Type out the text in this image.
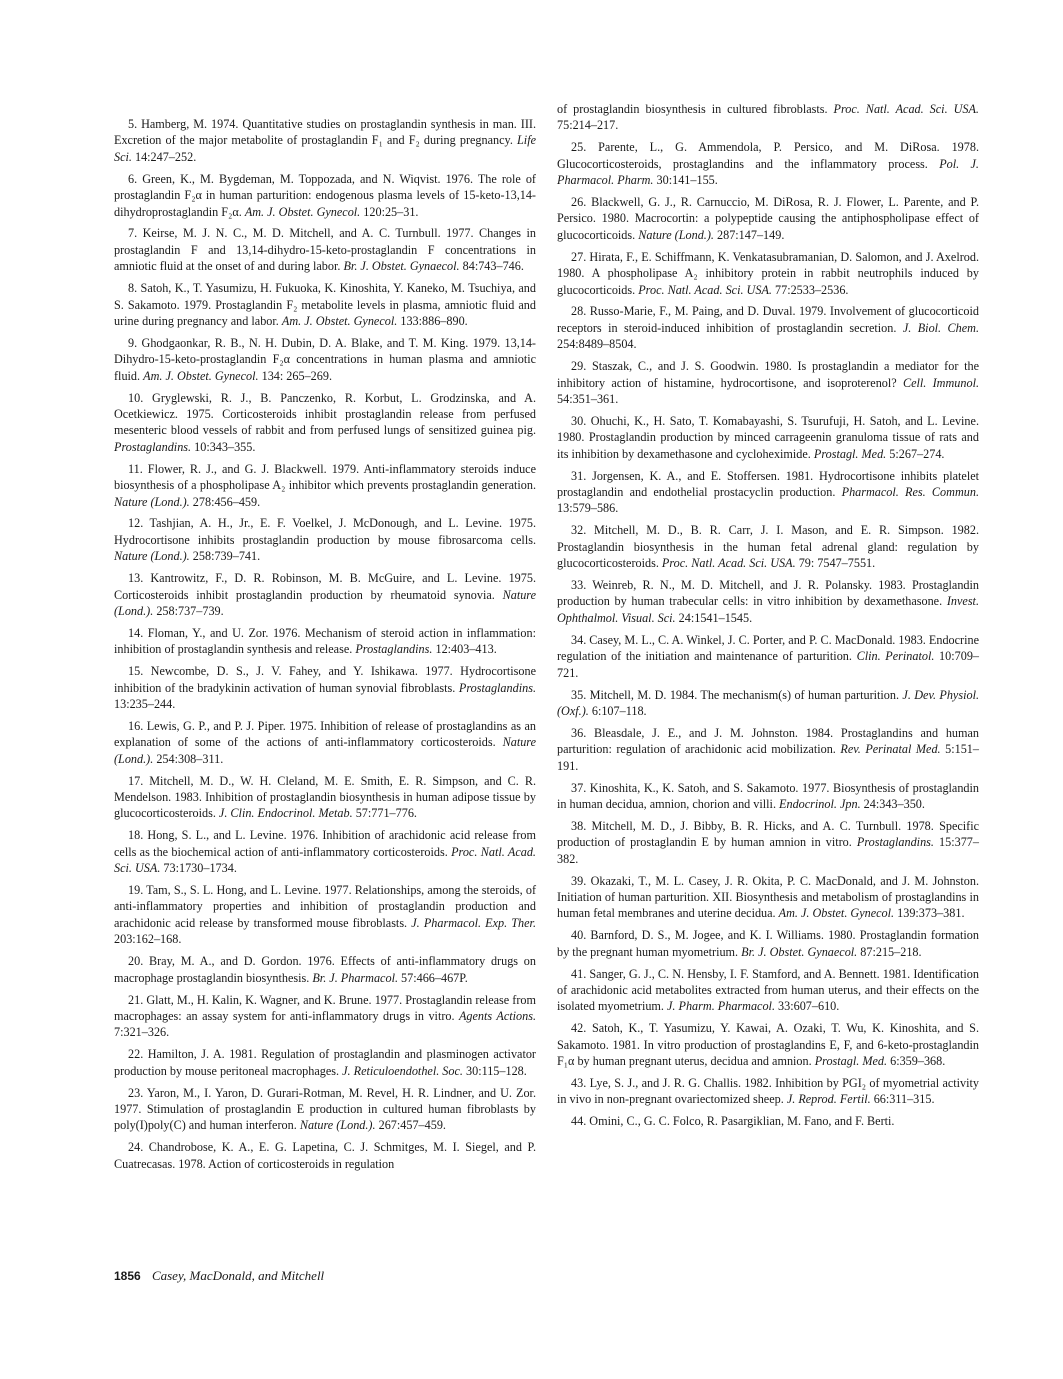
5. Hamberg, M. 1974. Quantitative studies on prostaglandin synthesis in man. III. Excretion of the major metabolite of prostaglandin F₁ and F₂ during pregnancy. Life Sci. 14:247–252.

6. Green, K., M. Bygdeman, M. Toppozada, and N. Wiqvist. 1976. The role of prostaglandin F₂α in human parturition: endogenous plasma levels of 15-keto-13,14-dihydroprostaglandin F₂α. Am. J. Obstet. Gynecol. 120:25–31.

7. Keirse, M. J. N. C., M. D. Mitchell, and A. C. Turnbull. 1977. Changes in prostaglandin F and 13,14-dihydro-15-keto-prostaglandin F concentrations in amniotic fluid at the onset of and during labor. Br. J. Obstet. Gynaecol. 84:743–746.

8. Satoh, K., T. Yasumizu, H. Fukuoka, K. Kinoshita, Y. Kaneko, M. Tsuchiya, and S. Sakamoto. 1979. Prostaglandin F₂ metabolite levels in plasma, amniotic fluid and urine during pregnancy and labor. Am. J. Obstet. Gynecol. 133:886–890.

9. Ghodgaonkar, R. B., N. H. Dubin, D. A. Blake, and T. M. King. 1979. 13,14-Dihydro-15-keto-prostaglandin F₂α concentrations in human plasma and amniotic fluid. Am. J. Obstet. Gynecol. 134: 265–269.

10. Gryglewski, R. J., B. Panczenko, R. Korbut, L. Grodzinska, and A. Ocetkiewicz. 1975. Corticosteroids inhibit prostaglandin release from perfused mesenteric blood vessels of rabbit and from perfused lungs of sensitized guinea pig. Prostaglandins. 10:343–355.

11. Flower, R. J., and G. J. Blackwell. 1979. Anti-inflammatory steroids induce biosynthesis of a phospholipase A₂ inhibitor which prevents prostaglandin generation. Nature (Lond.). 278:456–459.

12. Tashjian, A. H., Jr., E. F. Voelkel, J. McDonough, and L. Levine. 1975. Hydrocortisone inhibits prostaglandin production by mouse fibrosarcoma cells. Nature (Lond.). 258:739–741.

13. Kantrowitz, F., D. R. Robinson, M. B. McGuire, and L. Levine. 1975. Corticosteroids inhibit prostaglandin production by rheumatoid synovia. Nature (Lond.). 258:737–739.

14. Floman, Y., and U. Zor. 1976. Mechanism of steroid action in inflammation: inhibition of prostaglandin synthesis and release. Prostaglandins. 12:403–413.

15. Newcombe, D. S., J. V. Fahey, and Y. Ishikawa. 1977. Hydrocortisone inhibition of the bradykinin activation of human synovial fibroblasts. Prostaglandins. 13:235–244.

16. Lewis, G. P., and P. J. Piper. 1975. Inhibition of release of prostaglandins as an explanation of some of the actions of anti-inflammatory corticosteroids. Nature (Lond.). 254:308–311.

17. Mitchell, M. D., W. H. Cleland, M. E. Smith, E. R. Simpson, and C. R. Mendelson. 1983. Inhibition of prostaglandin biosynthesis in human adipose tissue by glucocorticosteroids. J. Clin. Endocrinol. Metab. 57:771–776.

18. Hong, S. L., and L. Levine. 1976. Inhibition of arachidonic acid release from cells as the biochemical action of anti-inflammatory corticosteroids. Proc. Natl. Acad. Sci. USA. 73:1730–1734.

19. Tam, S., S. L. Hong, and L. Levine. 1977. Relationships, among the steroids, of anti-inflammatory properties and inhibition of prostaglandin production and arachidonic acid release by transformed mouse fibroblasts. J. Pharmacol. Exp. Ther. 203:162–168.

20. Bray, M. A., and D. Gordon. 1976. Effects of anti-inflammatory drugs on macrophage prostaglandin biosynthesis. Br. J. Pharmacol. 57:466–467P.

21. Glatt, M., H. Kalin, K. Wagner, and K. Brune. 1977. Prostaglandin release from macrophages: an assay system for anti-inflammatory drugs in vitro. Agents Actions. 7:321–326.

22. Hamilton, J. A. 1981. Regulation of prostaglandin and plasminogen activator production by mouse peritoneal macrophages. J. Reticuloendothel. Soc. 30:115–128.

23. Yaron, M., I. Yaron, D. Gurari-Rotman, M. Revel, H. R. Lindner, and U. Zor. 1977. Stimulation of prostaglandin E production in cultured human fibroblasts by poly(I)poly(C) and human interferon. Nature (Lond.). 267:457–459.

24. Chandrobose, K. A., E. G. Lapetina, C. J. Schmitges, M. I. Siegel, and P. Cuatrecasas. 1978. Action of corticosteroids in regulation

of prostaglandin biosynthesis in cultured fibroblasts. Proc. Natl. Acad. Sci. USA. 75:214–217.

25. Parente, L., G. Ammendola, P. Persico, and M. DiRosa. 1978. Glucocorticosteroids, prostaglandins and the inflammatory process. Pol. J. Pharmacol. Pharm. 30:141–155.

26. Blackwell, G. J., R. Carnuccio, M. DiRosa, R. J. Flower, L. Parente, and P. Persico. 1980. Macrocortin: a polypeptide causing the antiphospholipase effect of glucocorticoids. Nature (Lond.). 287:147–149.

27. Hirata, F., E. Schiffmann, K. Venkatasubramanian, D. Salomon, and J. Axelrod. 1980. A phospholipase A₂ inhibitory protein in rabbit neutrophils induced by glucocorticoids. Proc. Natl. Acad. Sci. USA. 77:2533–2536.

28. Russo-Marie, F., M. Paing, and D. Duval. 1979. Involvement of glucocorticoid receptors in steroid-induced inhibition of prostaglandin secretion. J. Biol. Chem. 254:8489–8504.

29. Staszak, C., and J. S. Goodwin. 1980. Is prostaglandin a mediator for the inhibitory action of histamine, hydrocortisone, and isoproterenol? Cell. Immunol. 54:351–361.

30. Ohuchi, K., H. Sato, T. Komabayashi, S. Tsurufuji, H. Satoh, and L. Levine. 1980. Prostaglandin production by minced carrageenin granuloma tissue of rats and its inhibition by dexamethasone and cycloheximide. Prostagl. Med. 5:267–274.

31. Jorgensen, K. A., and E. Stoffersen. 1981. Hydrocortisone inhibits platelet prostaglandin and endothelial prostacyclin production. Pharmacol. Res. Commun. 13:579–586.

32. Mitchell, M. D., B. R. Carr, J. I. Mason, and E. R. Simpson. 1982. Prostaglandin biosynthesis in the human fetal adrenal gland: regulation by glucocorticosteroids. Proc. Natl. Acad. Sci. USA. 79: 7547–7551.

33. Weinreb, R. N., M. D. Mitchell, and J. R. Polansky. 1983. Prostaglandin production by human trabecular cells: in vitro inhibition by dexamethasone. Invest. Ophthalmol. Visual. Sci. 24:1541–1545.

34. Casey, M. L., C. A. Winkel, J. C. Porter, and P. C. MacDonald. 1983. Endocrine regulation of the initiation and maintenance of parturition. Clin. Perinatol. 10:709–721.

35. Mitchell, M. D. 1984. The mechanism(s) of human parturition. J. Dev. Physiol. (Oxf.). 6:107–118.

36. Bleasdale, J. E., and J. M. Johnston. 1984. Prostaglandins and human parturition: regulation of arachidonic acid mobilization. Rev. Perinatal Med. 5:151–191.

37. Kinoshita, K., K. Satoh, and S. Sakamoto. 1977. Biosynthesis of prostaglandin in human decidua, amnion, chorion and villi. Endocrinol. Jpn. 24:343–350.

38. Mitchell, M. D., J. Bibby, B. R. Hicks, and A. C. Turnbull. 1978. Specific production of prostaglandin E by human amnion in vitro. Prostaglandins. 15:377–382.

39. Okazaki, T., M. L. Casey, J. R. Okita, P. C. MacDonald, and J. M. Johnston. Initiation of human parturition. XII. Biosynthesis and metabolism of prostaglandins in human fetal membranes and uterine decidua. Am. J. Obstet. Gynecol. 139:373–381.

40. Barnford, D. S., M. Jogee, and K. I. Williams. 1980. Prostaglandin formation by the pregnant human myometrium. Br. J. Obstet. Gynaecol. 87:215–218.

41. Sanger, G. J., C. N. Hensby, I. F. Stamford, and A. Bennett. 1981. Identification of arachidonic acid metabolites extracted from human uterus, and their effects on the isolated myometrium. J. Pharm. Pharmacol. 33:607–610.

42. Satoh, K., T. Yasumizu, Y. Kawai, A. Ozaki, T. Wu, K. Kinoshita, and S. Sakamoto. 1981. In vitro production of prostaglandins E, F, and 6-keto-prostaglandin F₁α by human pregnant uterus, decidua and amnion. Prostagl. Med. 6:359–368.

43. Lye, S. J., and J. R. G. Challis. 1982. Inhibition by PGI₂ of myometrial activity in vivo in non-pregnant ovariectomized sheep. J. Reprod. Fertil. 66:311–315.

44. Omini, C., G. C. Folco, R. Pasargiklian, M. Fano, and F. Berti.

1856 Casey, MacDonald, and Mitchell
